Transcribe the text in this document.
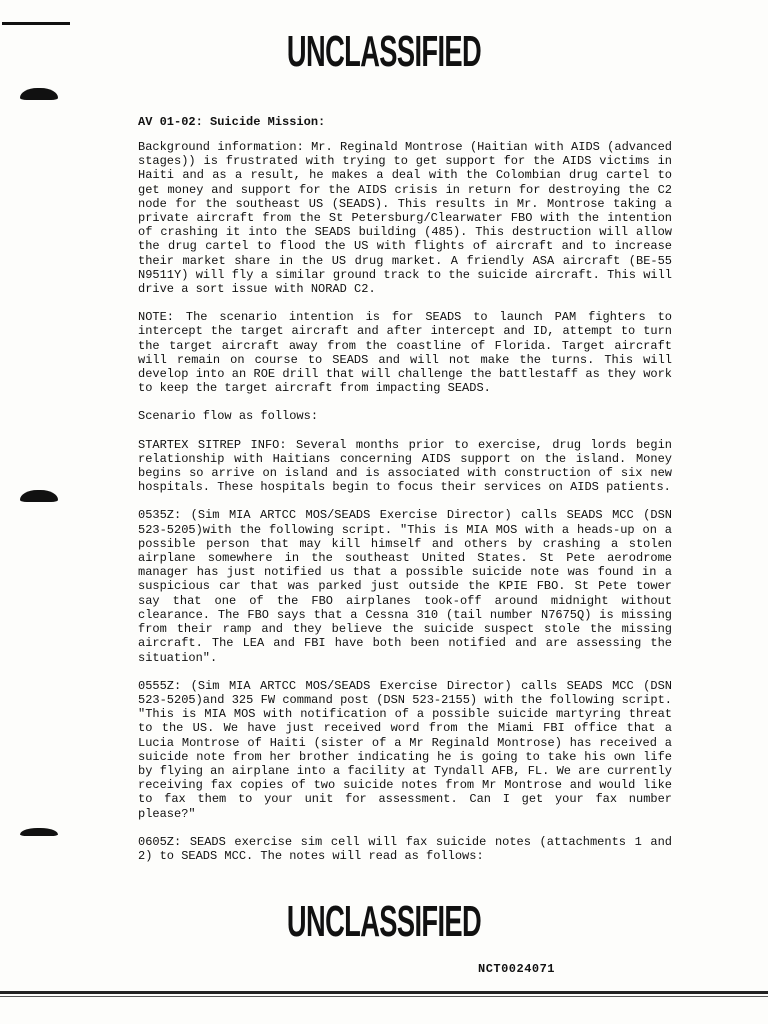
UNCLASSIFIED
AV 01-02: Suicide Mission:

Background information: Mr. Reginald Montrose (Haitian with AIDS (advanced stages)) is frustrated with trying to get support for the AIDS victims in Haiti and as a result, he makes a deal with the Colombian drug cartel to get money and support for the AIDS crisis in return for destroying the C2 node for the southeast US (SEADS). This results in Mr. Montrose taking a private aircraft from the St Petersburg/Clearwater FBO with the intention of crashing it into the SEADS building (485). This destruction will allow the drug cartel to flood the US with flights of aircraft and to increase their market share in the US drug market. A friendly ASA aircraft (BE-55 N9511Y) will fly a similar ground track to the suicide aircraft. This will drive a sort issue with NORAD C2.

NOTE: The scenario intention is for SEADS to launch PAM fighters to intercept the target aircraft and after intercept and ID, attempt to turn the target aircraft away from the coastline of Florida. Target aircraft will remain on course to SEADS and will not make the turns. This will develop into an ROE drill that will challenge the battlestaff as they work to keep the target aircraft from impacting SEADS.

Scenario flow as follows:

STARTEX SITREP INFO: Several months prior to exercise, drug lords begin relationship with Haitians concerning AIDS support on the island. Money begins so arrive on island and is associated with construction of six new hospitals. These hospitals begin to focus their services on AIDS patients.

0535Z: (Sim MIA ARTCC MOS/SEADS Exercise Director) calls SEADS MCC (DSN 523-5205)with the following script. "This is MIA MOS with a heads-up on a possible person that may kill himself and others by crashing a stolen airplane somewhere in the southeast United States. St Pete aerodrome manager has just notified us that a possible suicide note was found in a suspicious car that was parked just outside the KPIE FBO. St Pete tower say that one of the FBO airplanes took-off around midnight without clearance. The FBO says that a Cessna 310 (tail number N7675Q) is missing from their ramp and they believe the suicide suspect stole the missing aircraft. The LEA and FBI have both been notified and are assessing the situation".

0555Z: (Sim MIA ARTCC MOS/SEADS Exercise Director) calls SEADS MCC (DSN 523-5205)and 325 FW command post (DSN 523-2155) with the following script. "This is MIA MOS with notification of a possible suicide martyring threat to the US. We have just received word from the Miami FBI office that a Lucia Montrose of Haiti (sister of a Mr Reginald Montrose) has received a suicide note from her brother indicating he is going to take his own life by flying an airplane into a facility at Tyndall AFB, FL. We are currently receiving fax copies of two suicide notes from Mr Montrose and would like to fax them to your unit for assessment. Can I get your fax number please?"

0605Z: SEADS exercise sim cell will fax suicide notes (attachments 1 and 2) to SEADS MCC. The notes will read as follows:

UNCLASSIFIED
NCT0024071
